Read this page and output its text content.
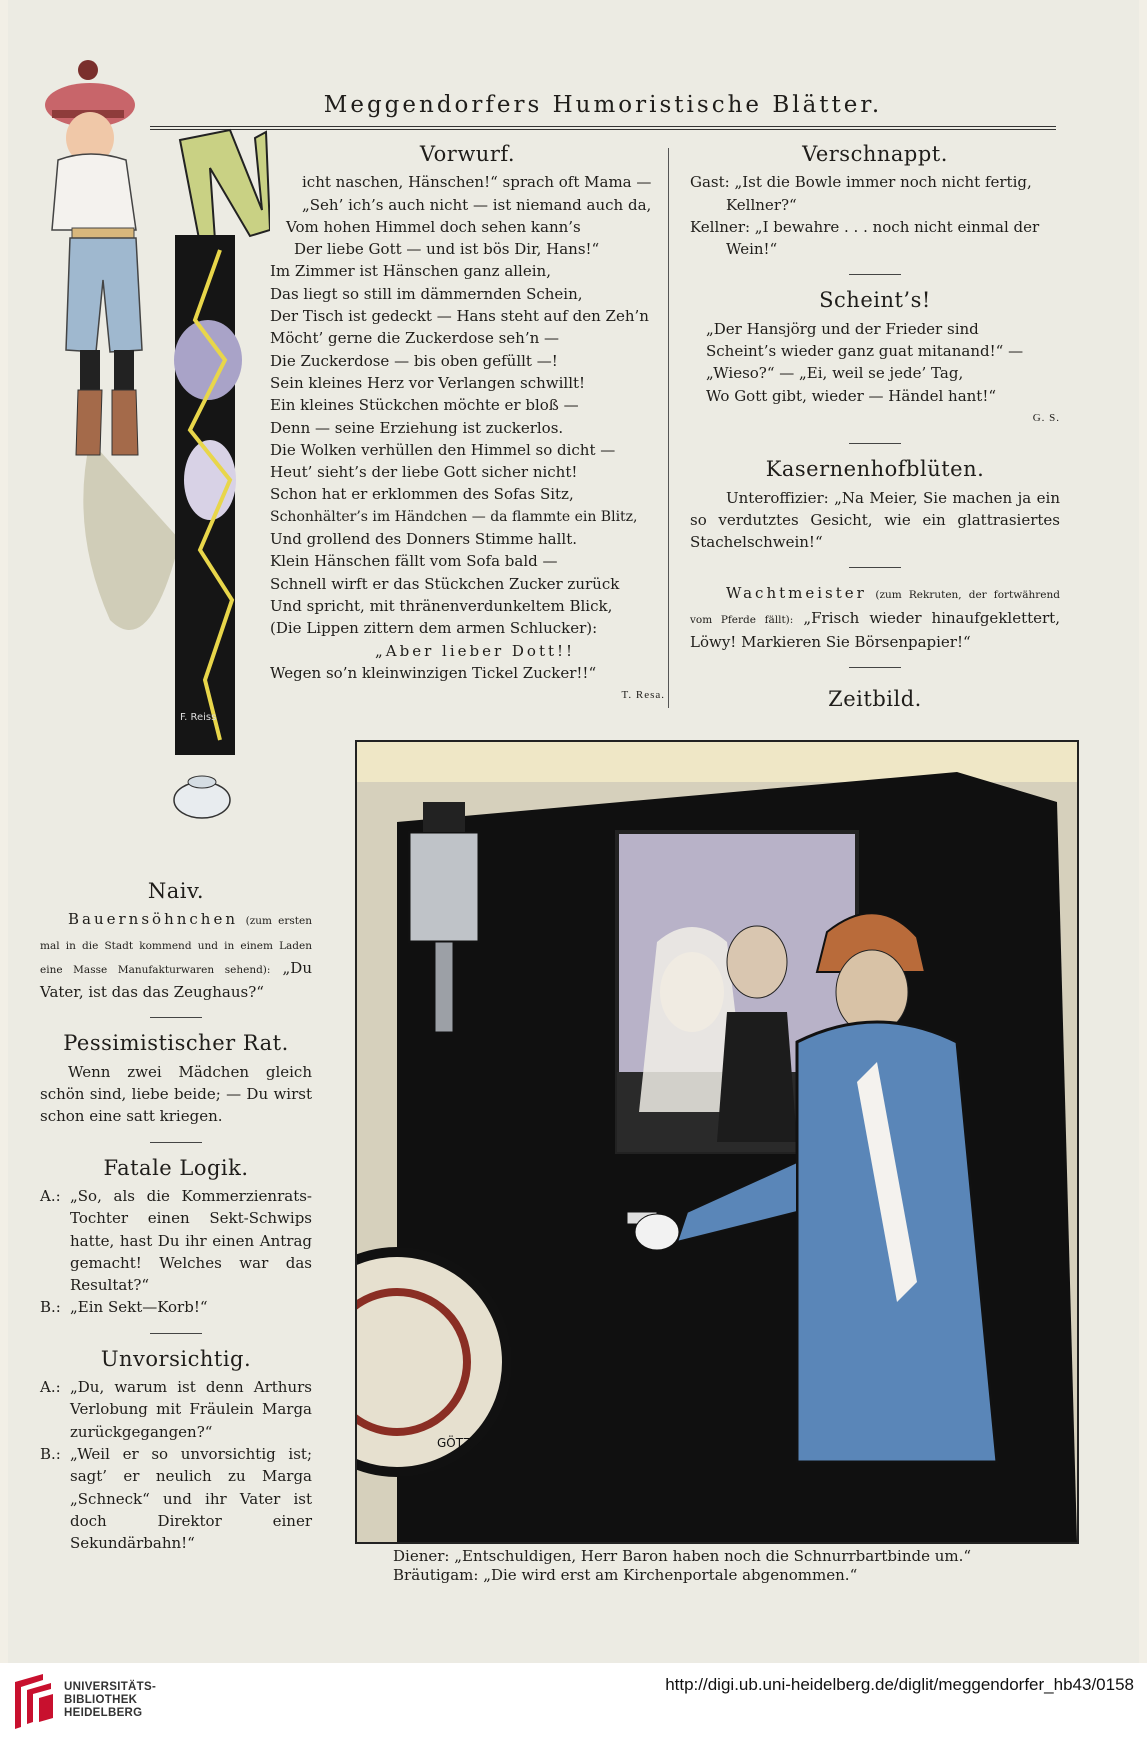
Meggendorfers Humoristische Blätter.
F. Reiss
Vorwurf.
icht naschen, Hänschen!“ sprach oft Mama —
„Seh’ ich’s auch nicht — ist niemand auch da,
Vom hohen Himmel doch sehen kann’s
Der liebe Gott — und ist bös Dir, Hans!“
Im Zimmer ist Hänschen ganz allein,
Das liegt so still im dämmernden Schein,
Der Tisch ist gedeckt — Hans steht auf den Zeh’n
Möcht’ gerne die Zuckerdose seh’n —
Die Zuckerdose — bis oben gefüllt —!
Sein kleines Herz vor Verlangen schwillt!
Ein kleines Stückchen möchte er bloß —
Denn — seine Erziehung ist zuckerlos.
Die Wolken verhüllen den Himmel so dicht —
Heut’ sieht’s der liebe Gott sicher nicht!
Schon hat er erklommen des Sofas Sitz,
Schonhälter’s im Händchen — da flammte ein Blitz,
Und grollend des Donners Stimme hallt.
Klein Hänschen fällt vom Sofa bald —
Schnell wirft er das Stückchen Zucker zurück
Und spricht, mit thränenverdunkeltem Blick,
(Die Lippen zittern dem armen Schlucker):
„Aber lieber Dott!!
Wegen so’n kleinwinzigen Tickel Zucker!!“
T. Resa.
Verschnappt.
Gast: „Ist die Bowle immer noch nicht fertig,
Kellner?“
Kellner: „I bewahre . . . noch nicht einmal der
Wein!“
Scheint’s!
„Der Hansjörg und der Frieder sind
Scheint’s wieder ganz guat mitanand!“ —
„Wieso?“ — „Ei, weil se jede’ Tag,
Wo Gott gibt, wieder — Händel hant!“
G. S.
Kasernenhofblüten.
Unteroffizier: „Na Meier, Sie machen ja ein so verdutztes Gesicht, wie ein glattrasiertes Stachelschwein!“
Wachtmeister (zum Rekruten, der fortwährend vom Pferde fällt): „Frisch wieder hinaufgeklettert, Löwy! Markieren Sie Börsenpapier!“
Zeitbild.
Naiv.
Bauernsöhnchen (zum ersten mal in die Stadt kommend und in einem Laden eine Masse Manufakturwaren sehend): „Du Vater, ist das das Zeughaus?“
Pessimistischer Rat.
Wenn zwei Mädchen gleich schön sind, liebe beide; — Du wirst schon eine satt kriegen.
Fatale Logik.
A.: „So, als die Kommerzienrats-Tochter einen Sekt-Schwips hatte, hast Du ihr einen Antrag gemacht! Welches war das Resultat?“
B.: „Ein Sekt—Korb!“
Unvorsichtig.
A.: „Du, warum ist denn Arthurs Verlobung mit Fräulein Marga zurückgegangen?“
B.: „Weil er so unvorsichtig ist; sagt’ er neulich zu Marga „Schneck“ und ihr Vater ist doch Direktor einer Sekundärbahn!“
GÖTZ
Diener: „Entschuldigen, Herr Baron haben noch die Schnurrbartbinde um.“
Bräutigam: „Die wird erst am Kirchenportale abgenommen.“
UNIVERSITÄTS-
BIBLIOTHEK
HEIDELBERG
http://digi.ub.uni-heidelberg.de/diglit/meggendorfer_hb43/0158
